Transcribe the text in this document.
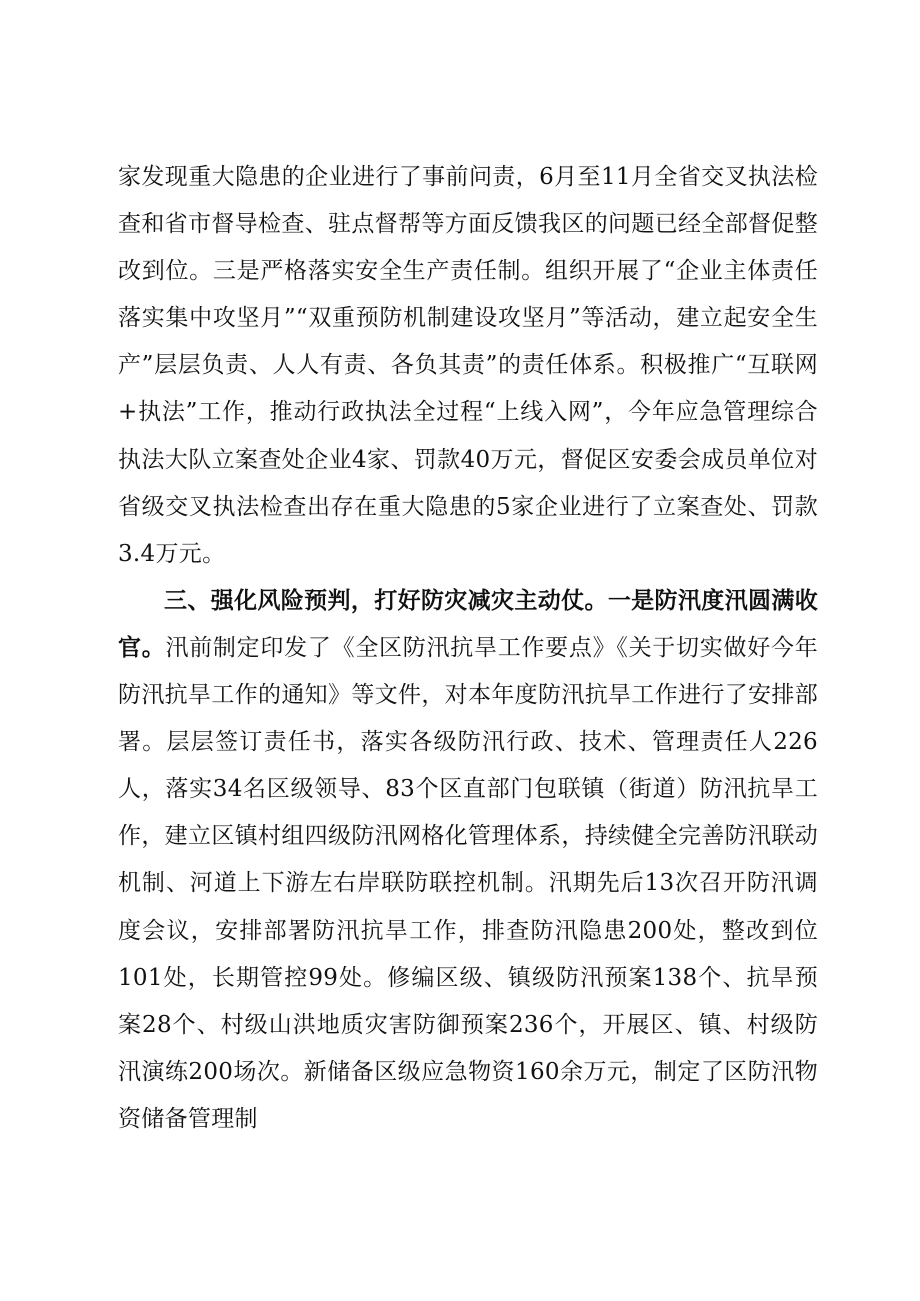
家发现重大隐患的企业进行了事前问责，6月至11月全省交叉执法检查和省市督导检查、驻点督帮等方面反馈我区的问题已经全部督促整改到位。三是严格落实安全生产责任制。组织开展了“企业主体责任落实集中攻坚月”“双重预防机制建设攻坚月”等活动，建立起安全生产”层层负责、人人有责、各负其责”的责任体系。积极推广“互联网+执法”工作，推动行政执法全过程“上线入网”，今年应急管理综合执法大队立案查处企业4家、罚款40万元，督促区安委会成员单位对省级交叉执法检查出存在重大隐患的5家企业进行了立案查处、罚款3.4万元。

三、强化风险预判，打好防灾减灾主动仗。一是防汛度汛圆满收官。汛前制定印发了《全区防汛抗旱工作要点》《关于切实做好今年防汛抗旱工作的通知》等文件，对本年度防汛抗旱工作进行了安排部署。层层签订责任书，落实各级防汛行政、技术、管理责任人226人，落实34名区级领导、83个区直部门包联镇（街道）防汛抗旱工作，建立区镇村组四级防汛网格化管理体系，持续健全完善防汛联动机制、河道上下游左右岸联防联控机制。汛期先后13次召开防汛调度会议，安排部署防汛抗旱工作，排查防汛隐患200处，整改到位101处，长期管控99处。修编区级、镇级防汛预案138个、抗旱预案28个、村级山洪地质灾害防御预案236个，开展区、镇、村级防汛演练200场次。新储备区级应急物资160余万元，制定了区防汛物资储备管理制
